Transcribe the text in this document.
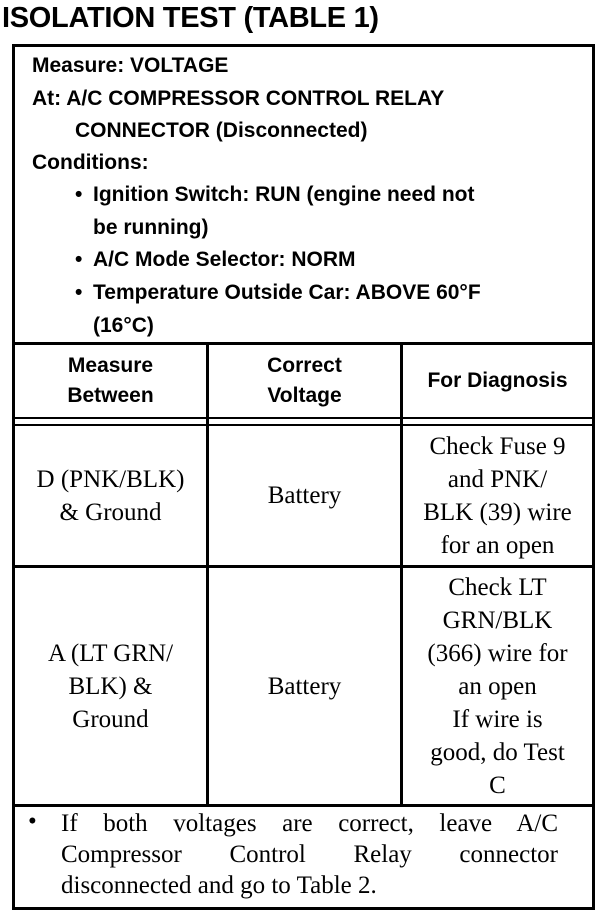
ISOLATION TEST (TABLE 1)
Measure: VOLTAGE
At: A/C COMPRESSOR CONTROL RELAY
CONNECTOR (Disconnected)
Conditions:
• Ignition Switch: RUN (engine need not
be running)
• A/C Mode Selector: NORM
• Temperature Outside Car: ABOVE 60°F
(16°C)
Measure
Between
Correct
Voltage
For Diagnosis
D (PNK/BLK)
& Ground
Battery
Check Fuse 9
and PNK/
BLK (39) wire
for an open
A (LT GRN/
BLK) &
Ground
Battery
Check LT
GRN/BLK
(366) wire for
an open
If wire is
good, do Test
C
• If both voltages are correct, leave A/C Compressor Control Relay connector disconnected and go to Table 2.
